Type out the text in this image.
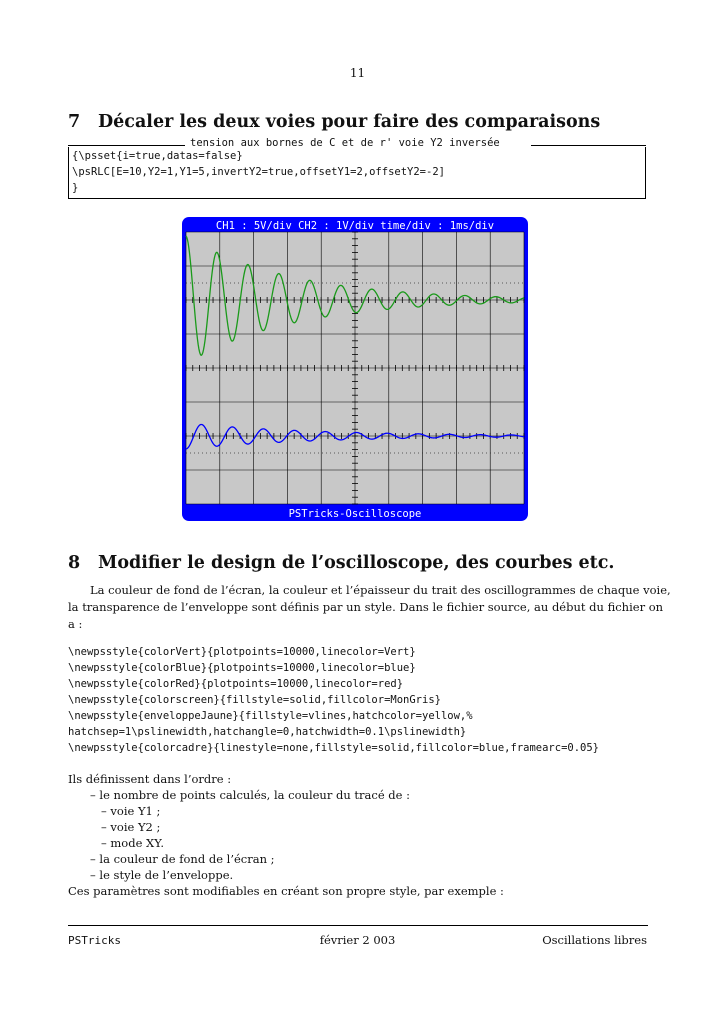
11
7 Décaler les deux voies pour faire des comparaisons
tension aux bornes de C et de r' voie Y2 inversée
{\psset{i=true,datas=false}
\psRLC[E=10,Y2=1,Y1=5,invertY2=true,offsetY1=2,offsetY2=-2]
}
CH1 : 5V/div CH2 : 1V/div time/div : 1ms/div
PSTricks-Oscilloscope
8 Modifier le design de l’oscilloscope, des courbes etc.
La couleur de fond de l’écran, la couleur et l’épaisseur du trait des oscillogrammes de chaque voie,
la transparence de l’enveloppe sont définis par un style. Dans le fichier source, au début du fichier on
a :
\newpsstyle{colorVert}{plotpoints=10000,linecolor=Vert}
\newpsstyle{colorBlue}{plotpoints=10000,linecolor=blue}
\newpsstyle{colorRed}{plotpoints=10000,linecolor=red}
\newpsstyle{colorscreen}{fillstyle=solid,fillcolor=MonGris}
\newpsstyle{enveloppeJaune}{fillstyle=vlines,hatchcolor=yellow,%
hatchsep=1\pslinewidth,hatchangle=0,hatchwidth=0.1\pslinewidth}
\newpsstyle{colorcadre}{linestyle=none,fillstyle=solid,fillcolor=blue,framearc=0.05}
Ils définissent dans l’ordre :
– le nombre de points calculés, la couleur du tracé de :
– voie Y1 ;
– voie Y2 ;
– mode XY.
– la couleur de fond de l’écran ;
– le style de l’enveloppe.
Ces paramètres sont modifiables en créant son propre style, par exemple :
PSTricks	février 2 003	Oscillations libres
